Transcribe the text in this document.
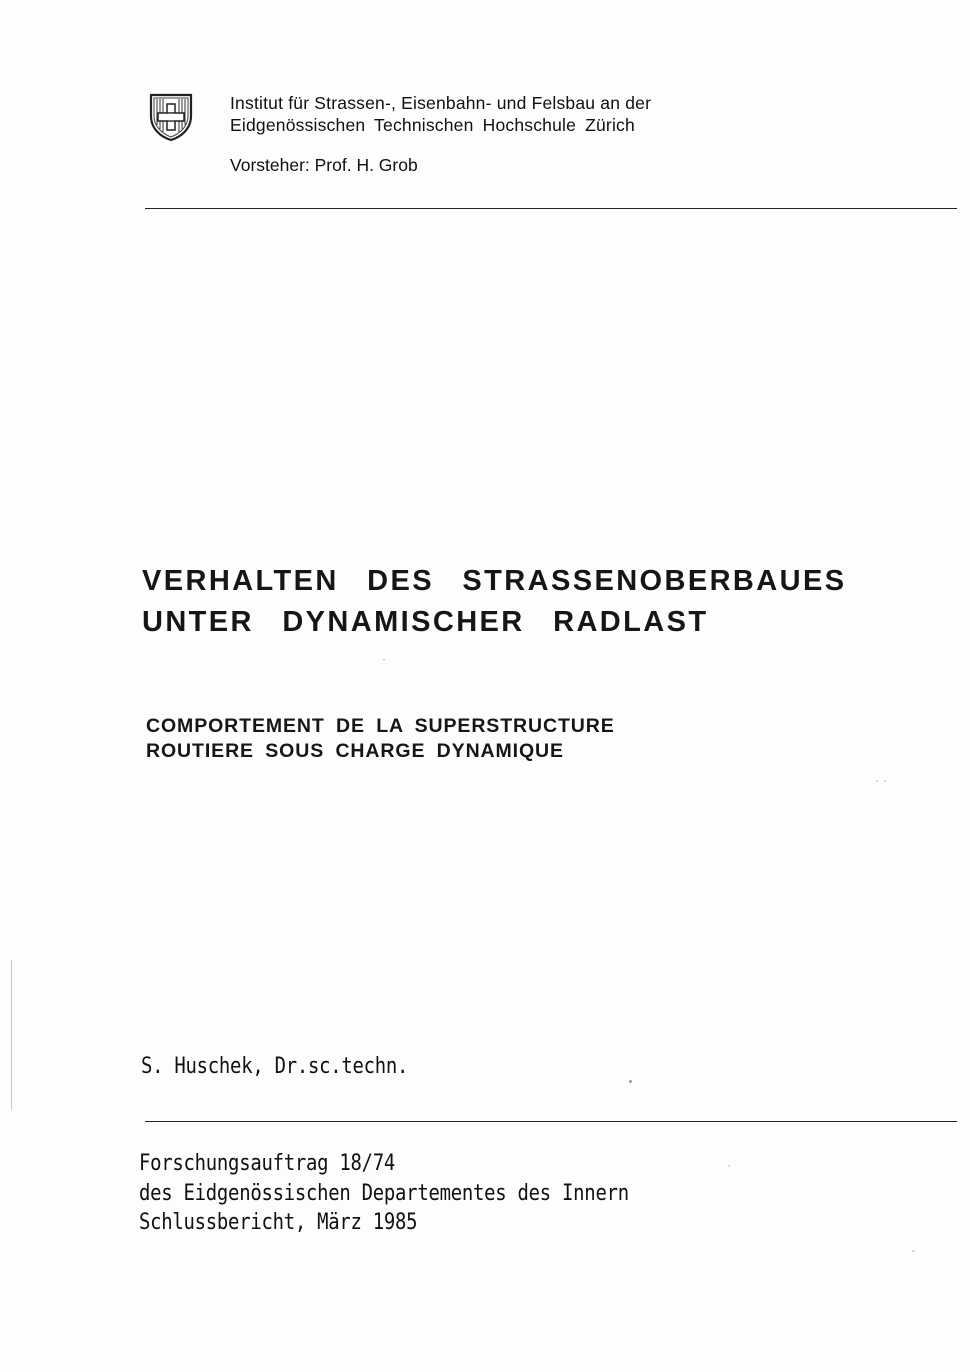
Institut für Strassen-, Eisenbahn- und Felsbau an der
Eidgenössischen Technischen Hochschule Zürich
Vorsteher: Prof. H. Grob
VERHALTEN DES STRASSENOBERBAUES
UNTER DYNAMISCHER RADLAST
COMPORTEMENT DE LA SUPERSTRUCTURE
ROUTIERE SOUS CHARGE DYNAMIQUE
S. Huschek, Dr.sc.techn.
Forschungsauftrag 18/74
des Eidgenössischen Departementes des Innern
Schlussbericht, März 1985
